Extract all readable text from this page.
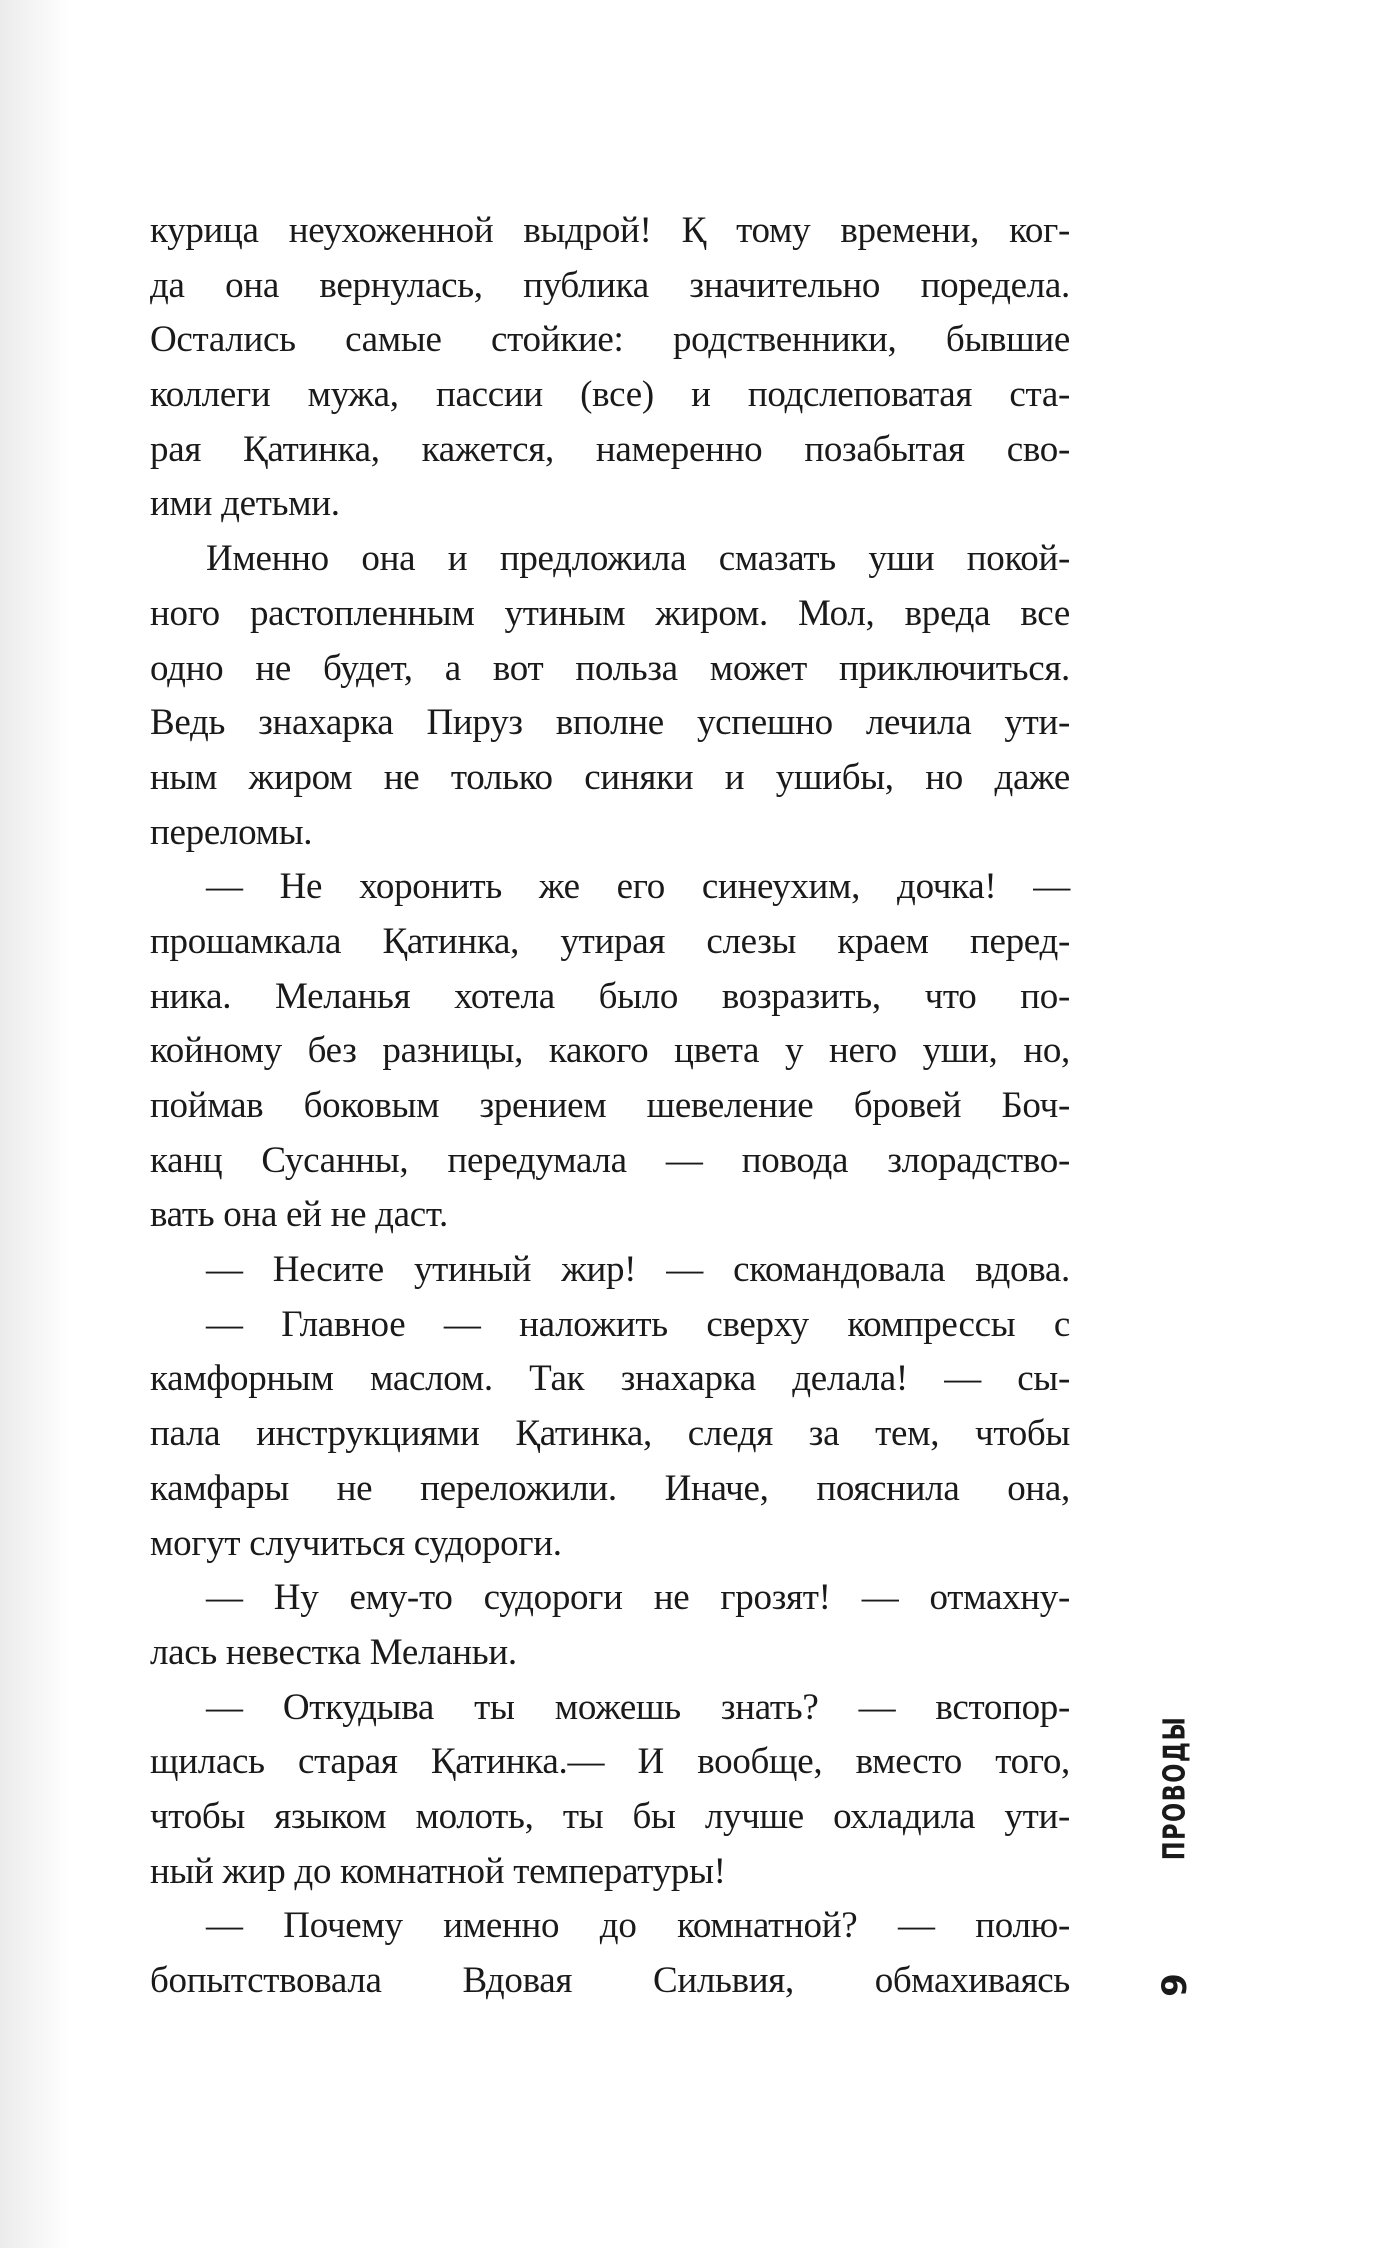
курица неухоженной выдрой! Қ тому времени, ког-
да она вернулась, публика значительно поредела.
Остались самые стойкие: родственники, бывшие
коллеги мужа, пассии (все) и подслеповатая ста-
рая Қатинка, кажется, намеренно позабытая сво-
ими детьми.
Именно она и предложила смазать уши покой-
ного растопленным утиным жиром. Мол, вреда все
одно не будет, а вот польза может приключиться.
Ведь знахарка Пируз вполне успешно лечила ути-
ным жиром не только синяки и ушибы, но даже
переломы.
— Не хоронить же его синеухим, дочка! —
прошамкала Қатинка, утирая слезы краем перед-
ника. Меланья хотела было возразить, что по-
койному без разницы, какого цвета у него уши, но,
поймав боковым зрением шевеление бровей Боч-
канц Сусанны, передумала — повода злорадство-
вать она ей не даст.
— Несите утиный жир! — скомандовала вдова.
— Главное — наложить сверху компрессы с
камфорным маслом. Так знахарка делала! — сы-
пала инструкциями Қатинка, следя за тем, чтобы
камфары не переложили. Иначе, пояснила она,
могут случиться судороги.
— Ну ему-то судороги не грозят! — отмахну-
лась невестка Меланьи.
— Откудыва ты можешь знать? — встопор-
щилась старая Қатинка.— И вообще, вместо того,
чтобы языком молоть, ты бы лучше охладила ути-
ный жир до комнатной температуры!
— Почему именно до комнатной? — полю-
бопытствовала Вдовая Сильвия, обмахиваясь
ПРОВОДЫ
9
